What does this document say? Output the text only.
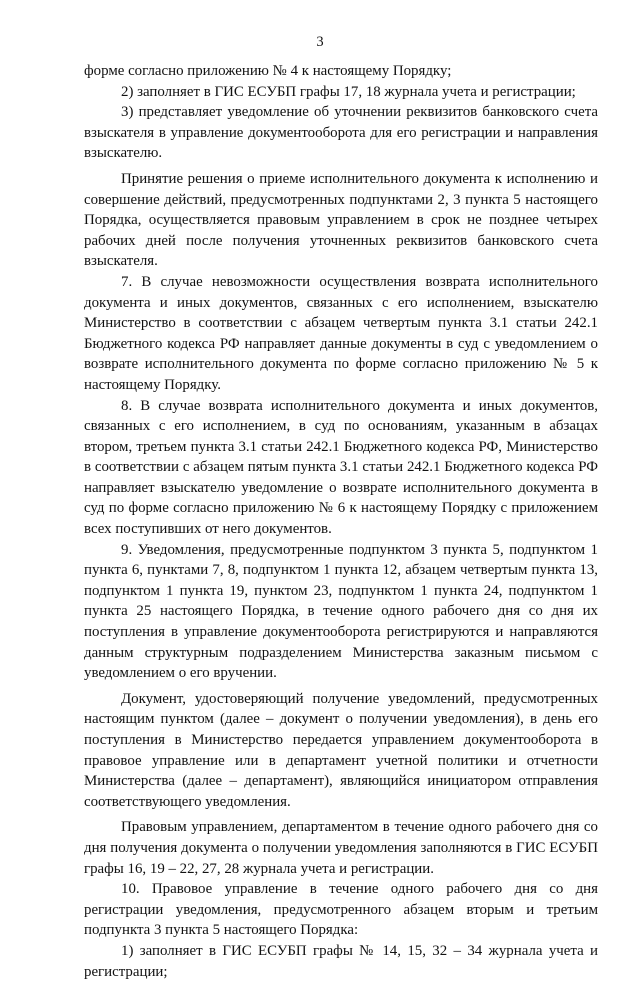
3

форме согласно приложению № 4 к настоящему Порядку;

2) заполняет в ГИС ЕСУБП графы 17, 18 журнала учета и регистрации;

3) представляет уведомление об уточнении реквизитов банковского счета взыскателя в управление документооборота для его регистрации и направления взыскателю.

Принятие решения о приеме исполнительного документа к исполнению и совершение действий, предусмотренных подпунктами 2, 3 пункта 5 настоящего Порядка, осуществляется правовым управлением в срок не позднее четырех рабочих дней после получения уточненных реквизитов банковского счета взыскателя.

7. В случае невозможности осуществления возврата исполнительного документа и иных документов, связанных с его исполнением, взыскателю Министерство в соответствии с абзацем четвертым пункта 3.1 статьи 242.1 Бюджетного кодекса РФ направляет данные документы в суд с уведомлением о возврате исполнительного документа по форме согласно приложению № 5 к настоящему Порядку.

8. В случае возврата исполнительного документа и иных документов, связанных с его исполнением, в суд по основаниям, указанным в абзацах втором, третьем пункта 3.1 статьи 242.1 Бюджетного кодекса РФ, Министерство в соответствии с абзацем пятым пункта 3.1 статьи 242.1 Бюджетного кодекса РФ направляет взыскателю уведомление о возврате исполнительного документа в суд по форме согласно приложению № 6 к настоящему Порядку с приложением всех поступивших от него документов.

9. Уведомления, предусмотренные подпунктом 3 пункта 5, подпунктом 1 пункта 6, пунктами 7, 8, подпунктом 1 пункта 12, абзацем четвертым пункта 13, подпунктом 1 пункта 19, пунктом 23, подпунктом 1 пункта 24, подпунктом 1 пункта 25 настоящего Порядка, в течение одного рабочего дня со дня их поступления в управление документооборота регистрируются и направляются данным структурным подразделением Министерства заказным письмом с уведомлением о его вручении.

Документ, удостоверяющий получение уведомлений, предусмотренных настоящим пунктом (далее – документ о получении уведомления), в день его поступления в Министерство передается управлением документооборота в правовое управление или в департамент учетной политики и отчетности Министерства (далее – департамент), являющийся инициатором отправления соответствующего уведомления.

Правовым управлением, департаментом в течение одного рабочего дня со дня получения документа о получении уведомления заполняются в ГИС ЕСУБП графы 16, 19 – 22, 27, 28 журнала учета и регистрации.

10. Правовое управление в течение одного рабочего дня со дня регистрации уведомления, предусмотренного абзацем вторым и третьим подпункта 3 пункта 5 настоящего Порядка:

1) заполняет в ГИС ЕСУБП графы № 14, 15, 32 – 34 журнала учета и регистрации;
